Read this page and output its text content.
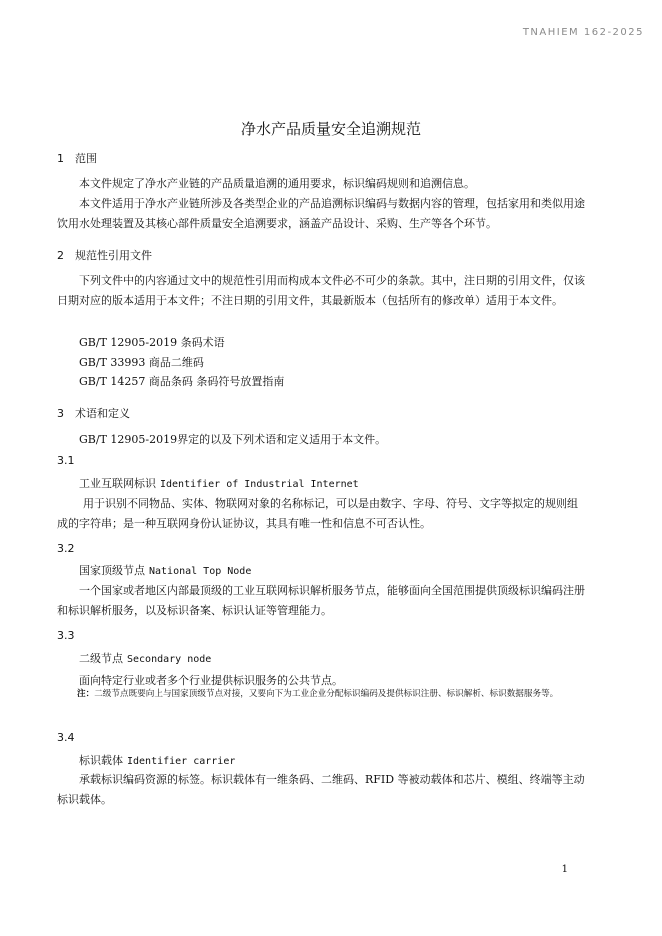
TNAHIEM 162-2025
净水产品质量安全追溯规范
1 范围

本文件规定了净水产业链的产品质量追溯的通用要求，标识编码规则和追溯信息。

本文件适用于净水产业链所涉及各类型企业的产品追溯标识编码与数据内容的管理，包括家用和类似用途饮用水处理装置及其核心部件质量安全追溯要求，涵盖产品设计、采购、生产等各个环节。

2 规范性引用文件

下列文件中的内容通过文中的规范性引用而构成本文件必不可少的条款。其中，注日期的引用文件，仅该日期对应的版本适用于本文件；不注日期的引用文件，其最新版本（包括所有的修改单）适用于本文件。

GB/T 12905-2019 条码术语
GB/T 33993 商品二维码
GB/T 14257 商品条码 条码符号放置指南
3 术语和定义
GB/T 12905-2019界定的以及下列术语和定义适用于本文件。
3.1
工业互联网标识 Identifier of Industrial Internet

用于识别不同物品、实体、物联网对象的名称标记，可以是由数字、字母、符号、文字等拟定的规则组成的字符串；是一种互联网身份认证协议，其具有唯一性和信息不可否认性。

3.2
国家顶级节点 National Top Node

一个国家或者地区内部最顶级的工业互联网标识解析服务节点，能够面向全国范围提供顶级标识编码注册和标识解析服务，以及标识备案、标识认证等管理能力。

3.3
二级节点 Secondary node
面向特定行业或者多个行业提供标识服务的公共节点。

注：二级节点既要向上与国家顶级节点对接，又要向下为工业企业分配标识编码及提供标识注册、标识解析、标识数据服务等。

3.4
标识载体 Identifier carrier

承载标识编码资源的标签。标识载体有一维条码、二维码、RFID 等被动载体和芯片、模组、终端等主动标识载体。

1
